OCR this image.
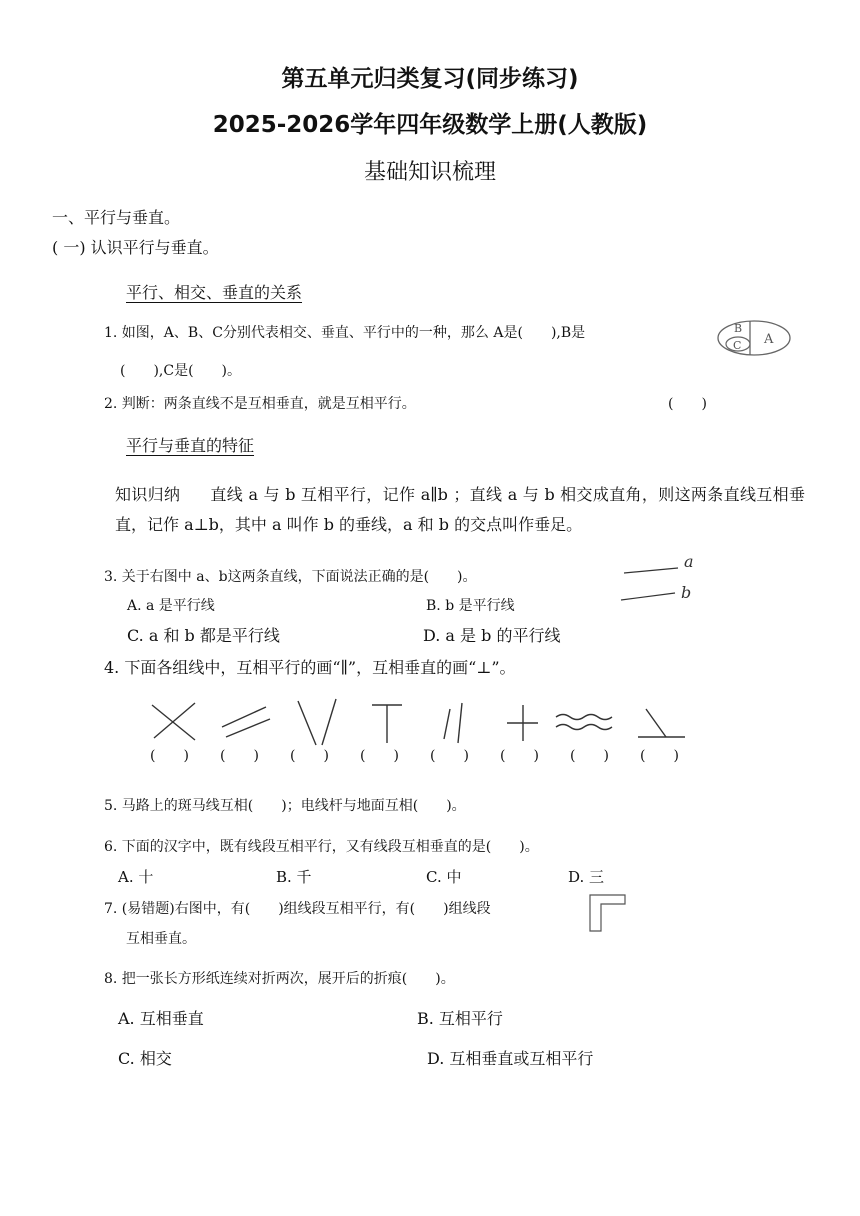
第五单元归类复习(同步练习)
2025-2026学年四年级数学上册(人教版)
基础知识梳理
一、平行与垂直。
( 一) 认识平行与垂直。
平行、相交、垂直的关系
1. 如图，A、B、C分别代表相交、垂直、平行中的一种，那么 A是(　　),B是
(　　),C是(　　)。
A
B
C
2. 判断：两条直线不是互相垂直，就是互相平行。	(　　)
平行与垂直的特征
知识归纳 直线 a 与 b 互相平行，记作 a∥b ；直线 a 与 b 相交成直角，则这两条直线互相垂直，记作 a⊥b，其中 a 叫作 b 的垂线，a 和 b 的交点叫作垂足。
3. 关于右图中 a、b这两条直线，下面说法正确的是(　　)。
a
b
A. a 是平行线	B. b 是平行线
C. a 和 b 都是平行线	D. a 是 b 的平行线
4. 下面各组线中，互相平行的画“∥”，互相垂直的画“⊥”。
(　　) (　　) (　　) (　　) (　　) (　　) (　　) (　　)
5. 马路上的斑马线互相(　　)；电线杆与地面互相(　　)。
6. 下面的汉字中，既有线段互相平行，又有线段互相垂直的是(　　)。
A. 十	B. 千	C. 中	D. 三
7. (易错题)右图中，有(　　)组线段互相平行，有(　　)组线段
互相垂直。
8. 把一张长方形纸连续对折两次，展开后的折痕(　　)。
A. 互相垂直	B. 互相平行
C. 相交	D. 互相垂直或互相平行
